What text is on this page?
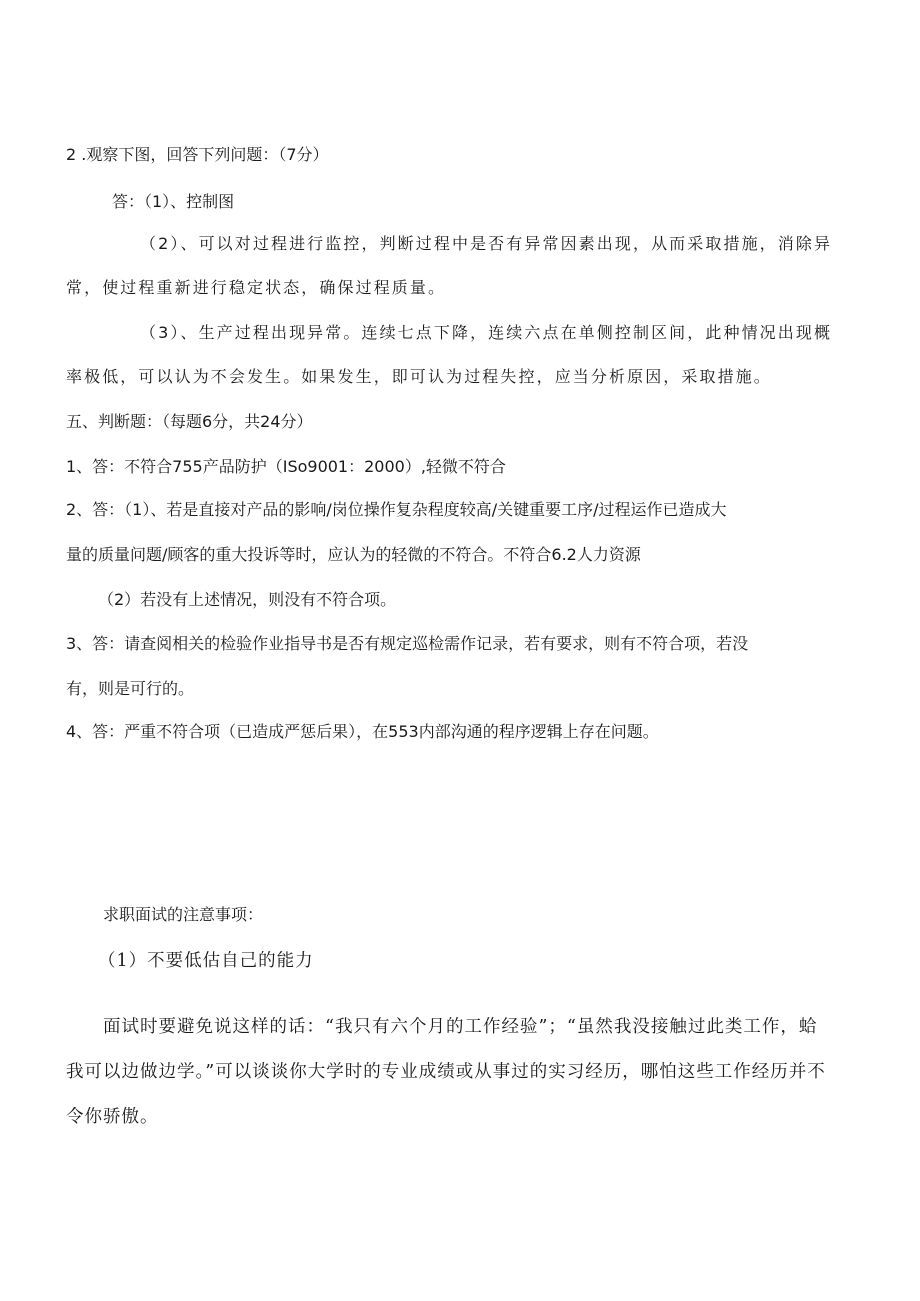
2 .观察下图，回答下列问题：（7分）
答：（1）、控制图
（2）、可以对过程进行监控，判断过程中是否有异常因素出现，从而采取措施，消除异
常，使过程重新进行稳定状态，确保过程质量。
（3）、生产过程出现异常。连续七点下降，连续六点在单侧控制区间，此种情况出现概
率极低，可以认为不会发生。如果发生，即可认为过程失控，应当分析原因，采取措施。
五、判断题：（每题6分，共24分）
1、答：不符合755产品防护（ISo9001：2000）,轻微不符合
2、答：（1）、若是直接对产品的影响/岗位操作复杂程度较高/关键重要工序/过程运作已造成大
量的质量问题/顾客的重大投诉等时，应认为的轻微的不符合。不符合6.2人力资源
（2）若没有上述情况，则没有不符合项。
3、答：请查阅相关的检验作业指导书是否有规定巡检需作记录，若有要求，则有不符合项，若没
有，则是可行的。
4、答：严重不符合项（已造成严惩后果），在553内部沟通的程序逻辑上存在问题。
求职面试的注意事项：
（1）不要低估自己的能力
面试时要避免说这样的话：“我只有六个月的工作经验”；“虽然我没接触过此类工作，蛤
我可以边做边学。”可以谈谈你大学时的专业成绩或从事过的实习经历，哪怕这些工作经历并不
令你骄傲。
